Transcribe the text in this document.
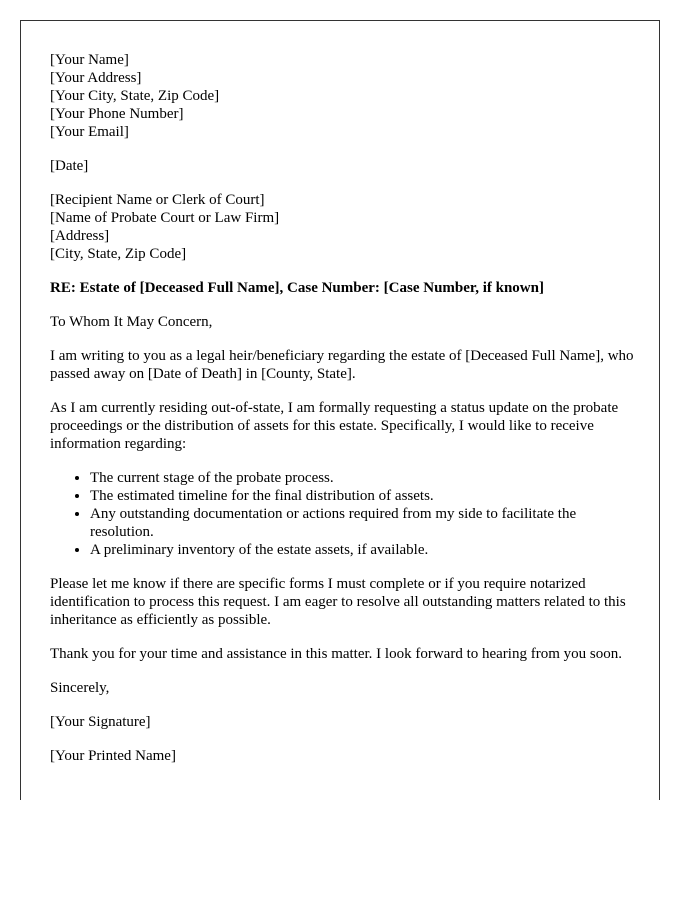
[Your Name]
[Your Address]
[Your City, State, Zip Code]
[Your Phone Number]
[Your Email]
[Date]
[Recipient Name or Clerk of Court]
[Name of Probate Court or Law Firm]
[Address]
[City, State, Zip Code]
RE: Estate of [Deceased Full Name], Case Number: [Case Number, if known]

To Whom It May Concern,

I am writing to you as a legal heir/beneficiary regarding the estate of [Deceased Full Name], who passed away on [Date of Death] in [County, State].

As I am currently residing out-of-state, I am formally requesting a status update on the probate proceedings or the distribution of assets for this estate. Specifically, I would like to receive information regarding:

• The current stage of the probate process.
• The estimated timeline for the final distribution of assets.
• Any outstanding documentation or actions required from my side to facilitate the resolution.
• A preliminary inventory of the estate assets, if available.

Please let me know if there are specific forms I must complete or if you require notarized identification to process this request. I am eager to resolve all outstanding matters related to this inheritance as efficiently as possible.

Thank you for your time and assistance in this matter. I look forward to hearing from you soon.

Sincerely,

[Your Signature]

[Your Printed Name]
